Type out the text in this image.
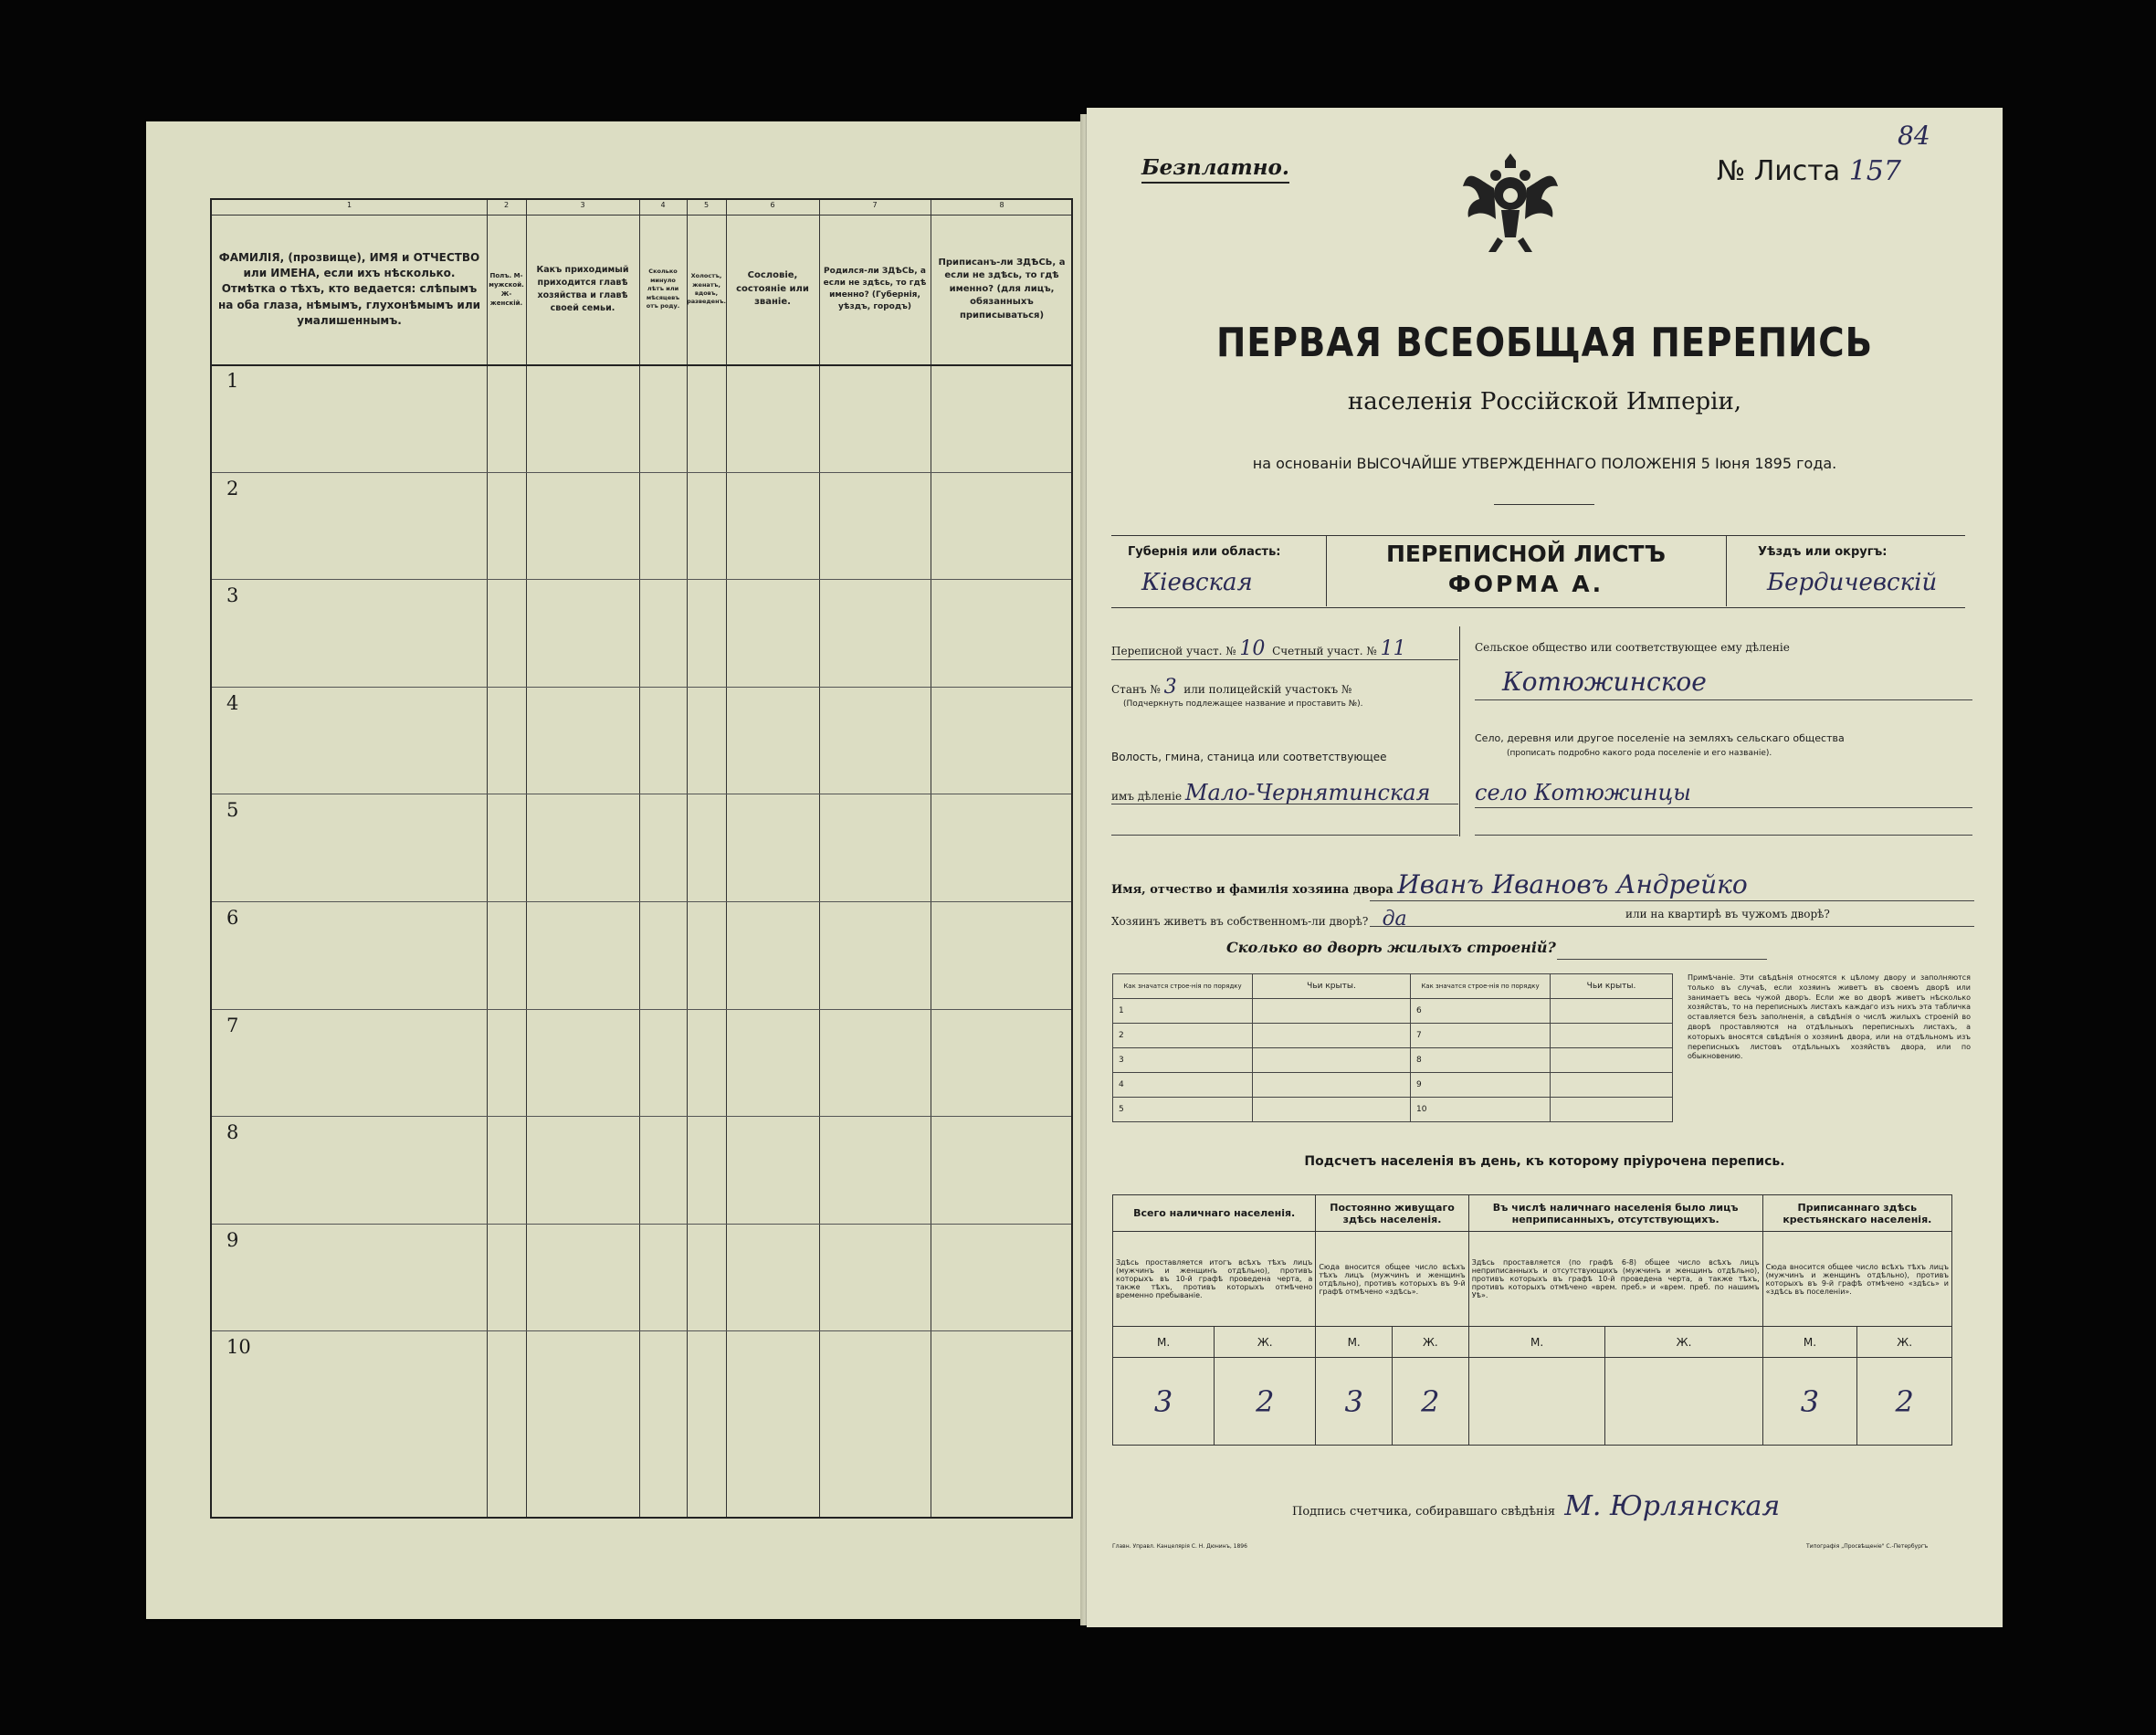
1	2	3	4	5	6	7	8
ФАМИЛІЯ, (прозвище), ИМЯ и ОТЧЕСТВО или ИМЕНА, если ихъ нѣсколько. Отмѣтка о тѣхъ, кто ведается: слѣпымъ на оба глаза, нѣмымъ, глухонѣмымъ или умалишеннымъ.
Полъ. М-мужской. Ж-женскій.
Какъ приходимый приходится главѣ хозяйства и главѣ своей семьи.
Сколько минуло лѣтъ или мѣсяцевъ отъ роду.
Холостъ, женатъ, вдовъ, разведенъ.
Сословіе, состояніе или званіе.
Родился-ли ЗДѢСЬ, а если не здѣсь, то гдѣ именно? (Губернія, уѣздъ, городъ)
Приписанъ-ли ЗДѢСЬ, а если не здѣсь, то гдѣ именно? (для лицъ, обязанныхъ приписываться)
1
2
3
4
5
6
7
8
9
10
Безплатно.	№ Листа 157
84
ПЕРВАЯ ВСЕОБЩАЯ ПЕРЕПИСЬ
населенія Россійской Имперіи,
на основаніи ВЫСОЧАЙШЕ УТВЕРЖДЕННАГО ПОЛОЖЕНІЯ 5 Іюня 1895 года.
Губернія или область:
Кіевская
ПЕРЕПИСНОЙ ЛИСТЪ
ФОРМА А.
Уѣздъ или округъ:
Бердичевскій
Переписной участ. № 10 Счетный участ. № 11
Станъ № 3 или полицейскій участокъ №
(Подчеркнуть подлежащее название и проставить №).
Волость, гмина, станица или соответствующее
имъ дѣленіе Мало-Чернятинская
Сельское общество или соответствующее ему дѣленіе
Котюжинское
Село, деревня или другое поселеніе на земляхъ сельскаго общества
(прописать подробно какого рода поселеніе и его названіе).
село Котюжинцы
Имя, отчество и фамилія хозяина двора Иванъ Ивановъ Андрейко
Хозяинъ живетъ въ собственномъ-ли дворѣ? да	или на квартирѣ въ чужомъ дворѣ?
Сколько во дворѣ жилыхъ строеній?
Как значатся строе-нія по порядку	Чьи крыты.	Как значатся строе-нія по порядку	Чьи крыты.
1		6	
2		7	
3		8	
4		9	
5		10	
Примѣчаніе. Эти свѣдѣнія относятся к цѣлому двору и заполняются только въ случаѣ, если хозяинъ живетъ въ своемъ дворѣ или занимаетъ весь чужой дворъ. Если же во дворѣ живетъ нѣсколько хозяйствъ, то на переписныхъ листахъ каждаго изъ нихъ эта табличка оставляется безъ заполненія, а свѣдѣнія о числѣ жилыхъ строеній во дворѣ проставляются на отдѣльныхъ переписныхъ листахъ, а которыхъ вносятся свѣдѣнія о хозяинѣ двора, или на отдѣльномъ изъ переписныхъ листовъ отдѣльныхъ хозяйствъ двора, или по обыкновению.
Подсчетъ населенія въ день, къ которому пріурочена перепись.
Всего наличнаго населенія.		Постоянно живущаго здѣсь населенія.		Въ числѣ наличнаго населенія было лицъ неприписанныхъ, отсутствующихъ.		Приписаннаго здѣсь крестьянскаго населенія.	
Здѣсь проставляется итогъ всѣхъ тѣхъ лицъ (мужчинъ и женщинъ отдѣльно), противъ которыхъ въ 10-й графѣ проведена черта, а также тѣхъ, противъ которыхъ отмѣчено временно пребываніе.		Сюда вносится общее число всѣхъ тѣхъ лицъ (мужчинъ и женщинъ отдѣльно), противъ которыхъ въ 9-й графѣ отмѣчено «здѣсь».		Здѣсь проставляется (по графѣ 6-8) общее число всѣхъ лицъ неприписанныхъ и отсутствующихъ (мужчинъ и женщинъ отдѣльно), противъ которыхъ въ графѣ 10-й проведена черта, а также тѣхъ, противъ которыхъ отмѣчено «врем. преб.» и «врем. преб. по нашимъ Уѣ».		Сюда вносится общее число всѣхъ тѣхъ лицъ (мужчинъ и женщинъ отдѣльно), противъ которыхъ въ 9-й графѣ отмѣчено «здѣсь» и «здѣсь въ поселеніи».	
М.	Ж.	М.	Ж.	М.	Ж.	М.	Ж.
3	2	3	2			3	2
Подпись счетчика, собиравшаго свѣдѣнія М. Юрлянская
Главн. Управл. Канцелярія С. Н. Дюнинъ, 1896	Типографія „Просвѣщеніе" С.-Петербургъ
